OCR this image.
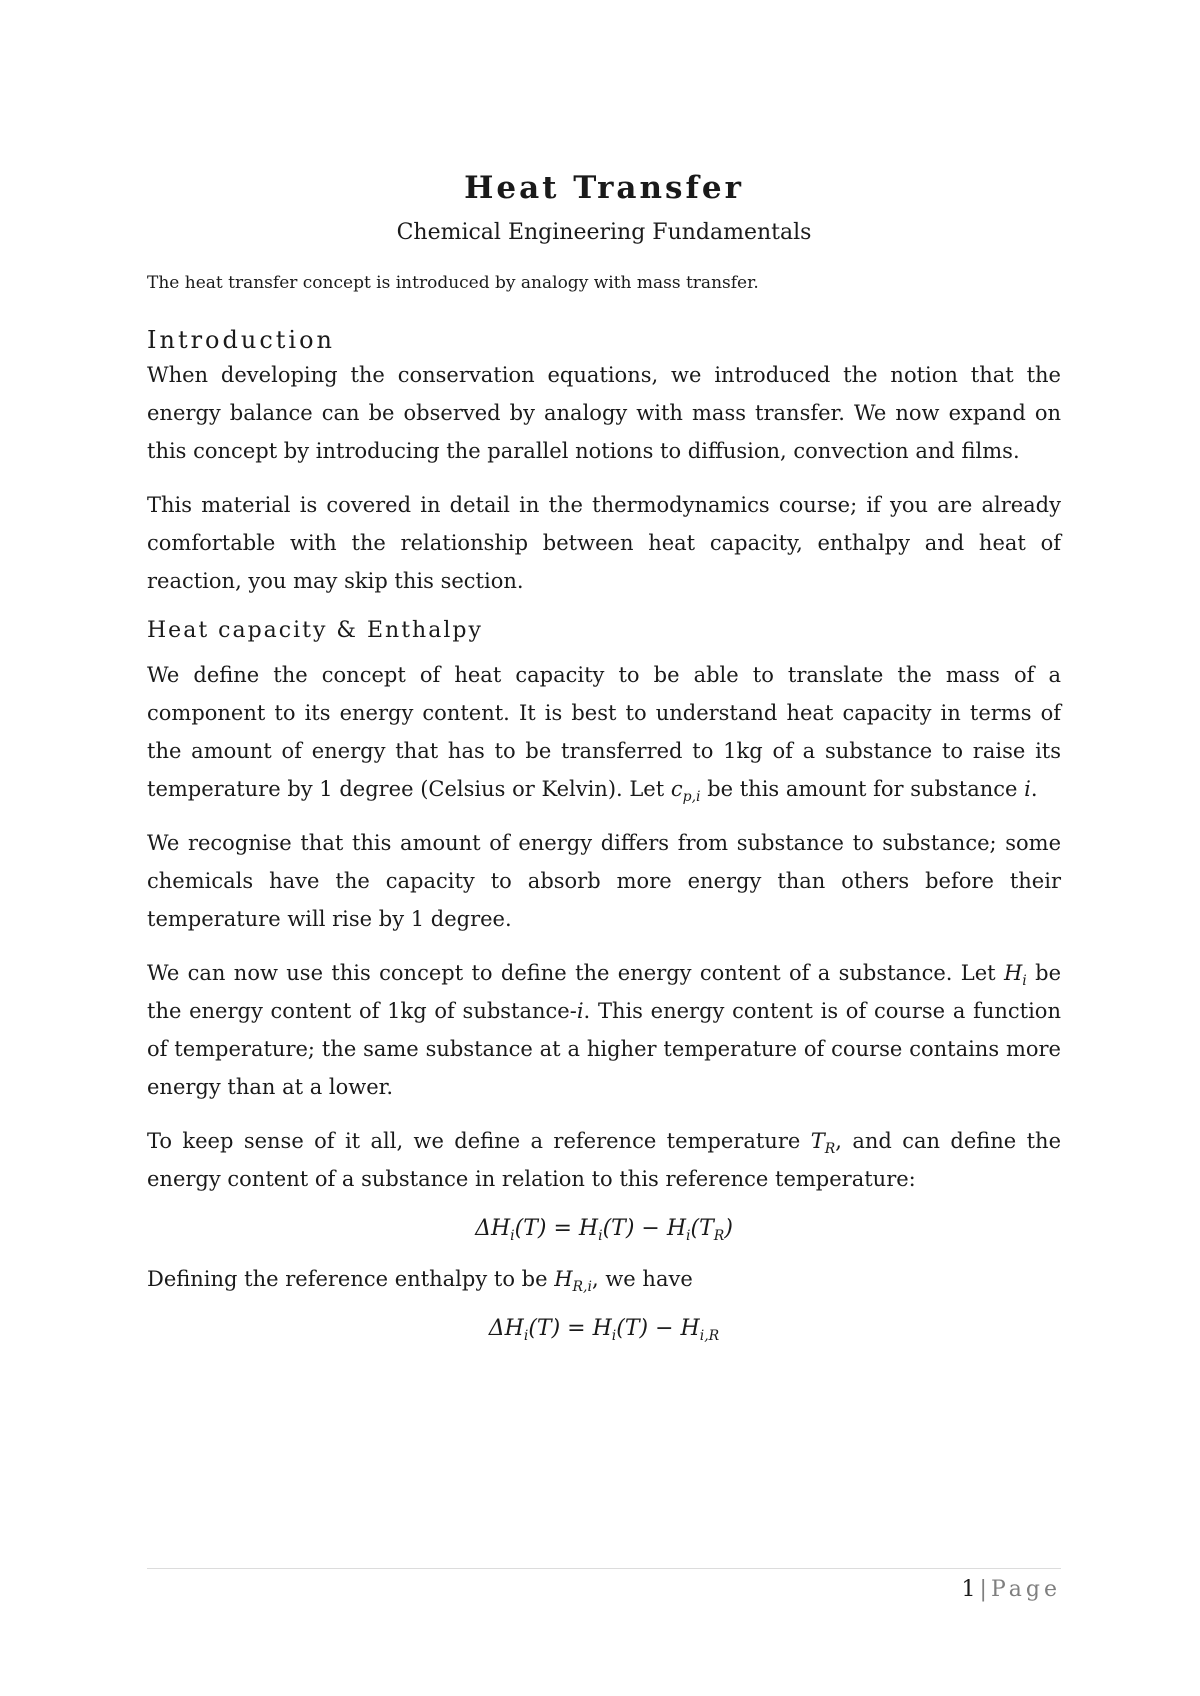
Heat Transfer

Chemical Engineering Fundamentals

The heat transfer concept is introduced by analogy with mass transfer.

Introduction

When developing the conservation equations, we introduced the notion that the energy balance can be observed by analogy with mass transfer. We now expand on this concept by introducing the parallel notions to diffusion, convection and films.

This material is covered in detail in the thermodynamics course; if you are already comfortable with the relationship between heat capacity, enthalpy and heat of reaction, you may skip this section.

Heat capacity & Enthalpy

We define the concept of heat capacity to be able to translate the mass of a component to its energy content. It is best to understand heat capacity in terms of the amount of energy that has to be transferred to 1kg of a substance to raise its temperature by 1 degree (Celsius or Kelvin). Let $c_{p,i}$ be this amount for substance i.

We recognise that this amount of energy differs from substance to substance; some chemicals have the capacity to absorb more energy than others before their temperature will rise by 1 degree.

We can now use this concept to define the energy content of a substance. Let $H_i$ be the energy content of 1kg of substance-i. This energy content is of course a function of temperature; the same substance at a higher temperature of course contains more energy than at a lower.

To keep sense of it all, we define a reference temperature $T_R$, and can define the energy content of a substance in relation to this reference temperature:

$\Delta H_i(T) = H_i(T) - H_i(T_R)$

Defining the reference enthalpy to be $H_{R,i}$, we have

$\Delta H_i(T) = H_i(T) - H_{i,R}$
1 | Page
